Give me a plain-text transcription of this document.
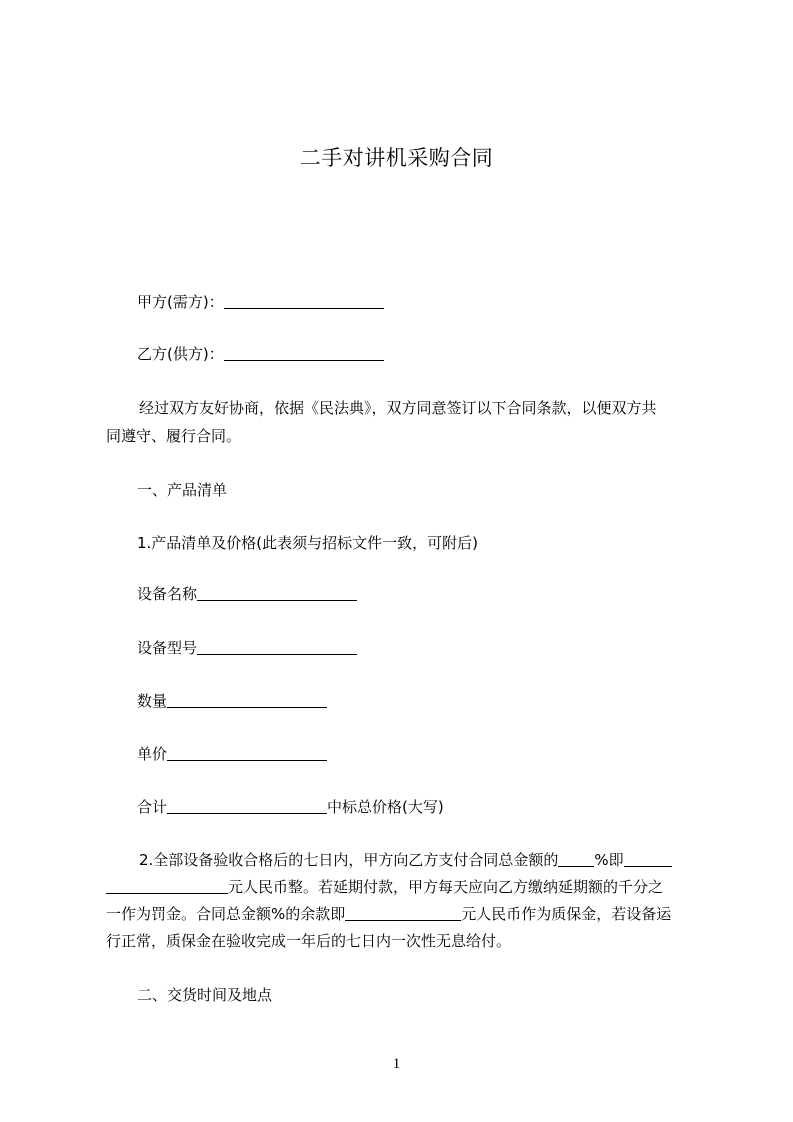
二手对讲机采购合同
甲方(需方)：
乙方(供方)：
经过双方友好协商，依据《民法典》，双方同意签订以下合同条款，以便双方共
同遵守、履行合同。
一、产品清单
1.产品清单及价格(此表须与招标文件一致，可附后)
设备名称
设备型号
数量
单价
合计	中标总价格(大写)
2.全部设备验收合格后的七日内，甲方向乙方支付合同总金额的 %即
元人民币整。若延期付款，甲方每天应向乙方缴纳延期额的千分之
一作为罚金。合同总金额%的余款即	元人民币作为质保金，若设备运
行正常，质保金在验收完成一年后的七日内一次性无息给付。
二、交货时间及地点
1
